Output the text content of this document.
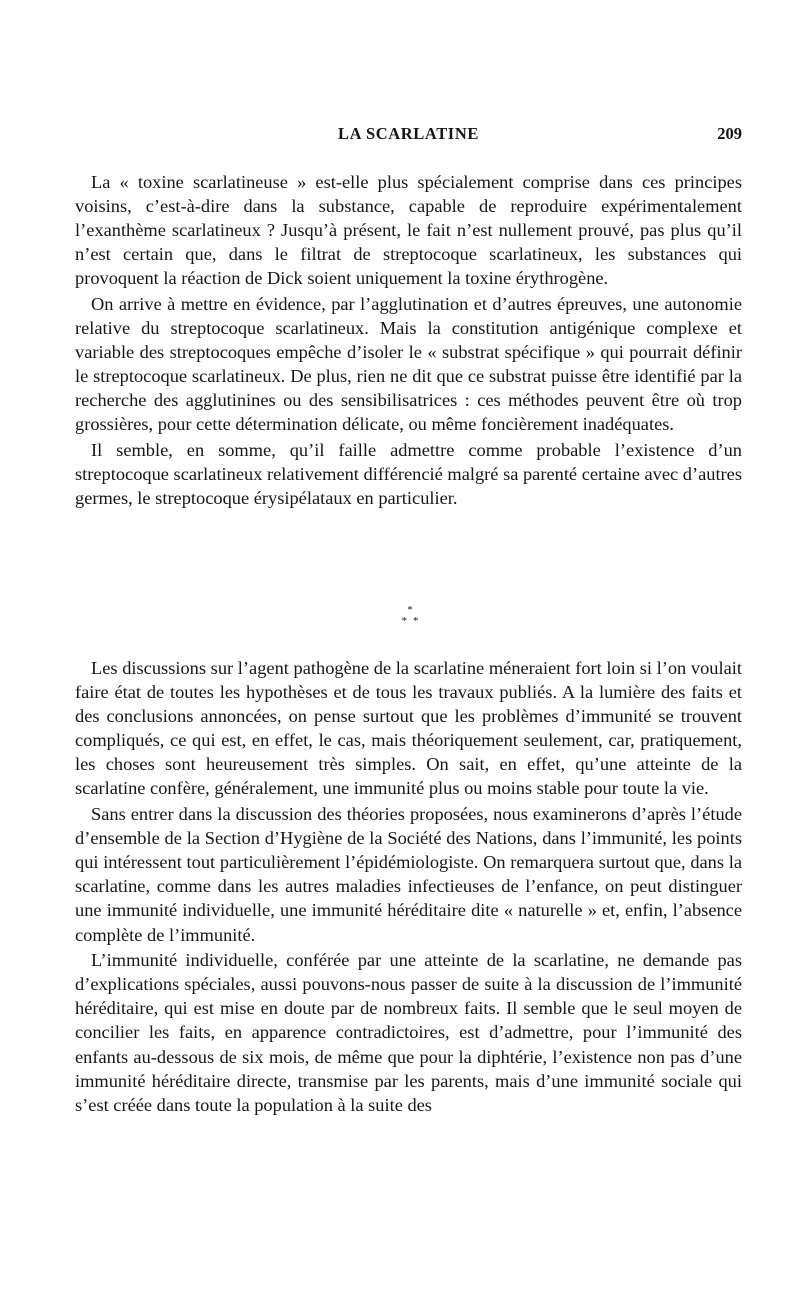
LA SCARLATINE	209

La « toxine scarlatineuse » est-elle plus spécialement comprise dans ces principes voisins, c’est-à-dire dans la substance, capable de reproduire expérimentalement l’exanthème scarlatineux ? Jusqu’à présent, le fait n’est nullement prouvé, pas plus qu’il n’est certain que, dans le filtrat de streptocoque scarlatineux, les substances qui provoquent la réaction de Dick soient uniquement la toxine érythrogène.

On arrive à mettre en évidence, par l’agglutination et d’autres épreuves, une autonomie relative du streptocoque scarlatineux. Mais la constitution antigénique complexe et variable des streptocoques empêche d’isoler le « substrat spécifique » qui pourrait définir le streptocoque scarlatineux. De plus, rien ne dit que ce substrat puisse être identifié par la recherche des agglutinines ou des sensibilisatrices : ces méthodes peuvent être où trop grossières, pour cette détermination délicate, ou même foncièrement inadéquates.

Il semble, en somme, qu’il faille admettre comme probable l’existence d’un streptocoque scarlatineux relativement différencié malgré sa parenté certaine avec d’autres germes, le streptocoque érysipélataux en particulier.

*
* *

Les discussions sur l’agent pathogène de la scarlatine méneraient fort loin si l’on voulait faire état de toutes les hypothèses et de tous les travaux publiés. A la lumière des faits et des conclusions annoncées, on pense surtout que les problèmes d’immunité se trouvent compliqués, ce qui est, en effet, le cas, mais théoriquement seulement, car, pratiquement, les choses sont heureusement très simples. On sait, en effet, qu’une atteinte de la scarlatine confère, généralement, une immunité plus ou moins stable pour toute la vie.

Sans entrer dans la discussion des théories proposées, nous examinerons d’après l’étude d’ensemble de la Section d’Hygiène de la Société des Nations, dans l’immunité, les points qui intéressent tout particulièrement l’épidémiologiste. On remarquera surtout que, dans la scarlatine, comme dans les autres maladies infectieuses de l’enfance, on peut distinguer une immunité individuelle, une immunité héréditaire dite « naturelle » et, enfin, l’absence complète de l’immunité.

L’immunité individuelle, conférée par une atteinte de la scarlatine, ne demande pas d’explications spéciales, aussi pouvons-nous passer de suite à la discussion de l’immunité héréditaire, qui est mise en doute par de nombreux faits. Il semble que le seul moyen de concilier les faits, en apparence contradictoires, est d’admettre, pour l’immunité des enfants au-dessous de six mois, de même que pour la diphtérie, l’existence non pas d’une immunité héréditaire directe, transmise par les parents, mais d’une immunité sociale qui s’est créée dans toute la population à la suite des
